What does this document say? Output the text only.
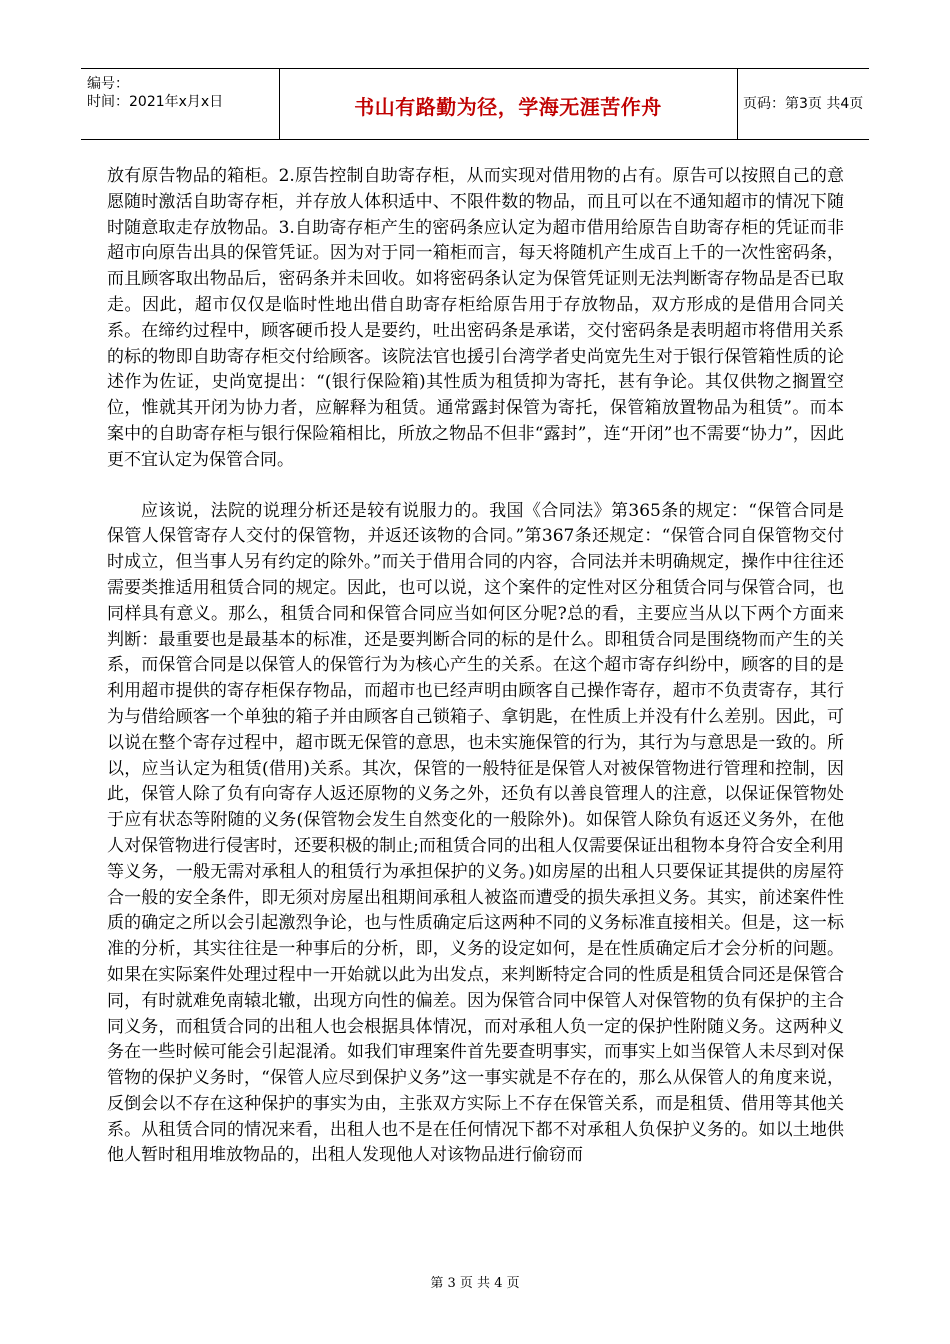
编号：
时间：2021年x月x日	书山有路勤为径，学海无涯苦作舟	页码：第3页 共4页

放有原告物品的箱柜。2.原告控制自助寄存柜，从而实现对借用物的占有。原告可以按照自己的意愿随时激活自助寄存柜，并存放人体积适中、不限件数的物品，而且可以在不通知超市的情况下随时随意取走存放物品。3.自助寄存柜产生的密码条应认定为超市借用给原告自助寄存柜的凭证而非超市向原告出具的保管凭证。因为对于同一箱柜而言，每天将随机产生成百上千的一次性密码条，而且顾客取出物品后，密码条并未回收。如将密码条认定为保管凭证则无法判断寄存物品是否已取走。因此，超市仅仅是临时性地出借自助寄存柜给原告用于存放物品，双方形成的是借用合同关系。在缔约过程中，顾客硬币投人是要约，吐出密码条是承诺，交付密码条是表明超市将借用关系的标的物即自助寄存柜交付给顾客。该院法官也援引台湾学者史尚宽先生对于银行保管箱性质的论述作为佐证，史尚宽提出：“(银行保险箱)其性质为租赁抑为寄托，甚有争论。其仅供物之搁置空位，惟就其开闭为协力者，应解释为租赁。通常露封保管为寄托，保管箱放置物品为租赁”。而本案中的自助寄存柜与银行保险箱相比，所放之物品不但非“露封”，连“开闭”也不需要“协力”，因此更不宜认定为保管合同。

应该说，法院的说理分析还是较有说服力的。我国《合同法》第365条的规定：“保管合同是保管人保管寄存人交付的保管物，并返还该物的合同。”第367条还规定：“保管合同自保管物交付时成立，但当事人另有约定的除外。”而关于借用合同的内容，合同法并未明确规定，操作中往往还需要类推适用租赁合同的规定。因此，也可以说，这个案件的定性对区分租赁合同与保管合同，也同样具有意义。那么，租赁合同和保管合同应当如何区分呢?总的看，主要应当从以下两个方面来判断：最重要也是最基本的标准，还是要判断合同的标的是什么。即租赁合同是围绕物而产生的关系，而保管合同是以保管人的保管行为为核心产生的关系。在这个超市寄存纠纷中，顾客的目的是利用超市提供的寄存柜保存物品，而超市也已经声明由顾客自己操作寄存，超市不负责寄存，其行为与借给顾客一个单独的箱子并由顾客自己锁箱子、拿钥匙，在性质上并没有什么差别。因此，可以说在整个寄存过程中，超市既无保管的意思，也未实施保管的行为，其行为与意思是一致的。所以，应当认定为租赁(借用)关系。其次，保管的一般特征是保管人对被保管物进行管理和控制，因此，保管人除了负有向寄存人返还原物的义务之外，还负有以善良管理人的注意，以保证保管物处于应有状态等附随的义务(保管物会发生自然变化的一般除外)。如保管人除负有返还义务外，在他人对保管物进行侵害时，还要积极的制止;而租赁合同的出租人仅需要保证出租物本身符合安全利用等义务，一般无需对承租人的租赁行为承担保护的义务。)如房屋的出租人只要保证其提供的房屋符合一般的安全条件，即无须对房屋出租期间承租人被盗而遭受的损失承担义务。其实，前述案件性质的确定之所以会引起激烈争论，也与性质确定后这两种不同的义务标准直接相关。但是，这一标准的分析，其实往往是一种事后的分析，即，义务的设定如何，是在性质确定后才会分析的问题。如果在实际案件处理过程中一开始就以此为出发点，来判断特定合同的性质是租赁合同还是保管合同，有时就难免南辕北辙，出现方向性的偏差。因为保管合同中保管人对保管物的负有保护的主合同义务，而租赁合同的出租人也会根据具体情况，而对承租人负一定的保护性附随义务。这两种义务在一些时候可能会引起混淆。如我们审理案件首先要查明事实，而事实上如当保管人未尽到对保管物的保护义务时，“保管人应尽到保护义务”这一事实就是不存在的，那么从保管人的角度来说，反倒会以不存在这种保护的事实为由，主张双方实际上不存在保管关系，而是租赁、借用等其他关系。从租赁合同的情况来看，出租人也不是在任何情况下都不对承租人负保护义务的。如以土地供他人暂时租用堆放物品的，出租人发现他人对该物品进行偷窃而

第 3 页 共 4 页
